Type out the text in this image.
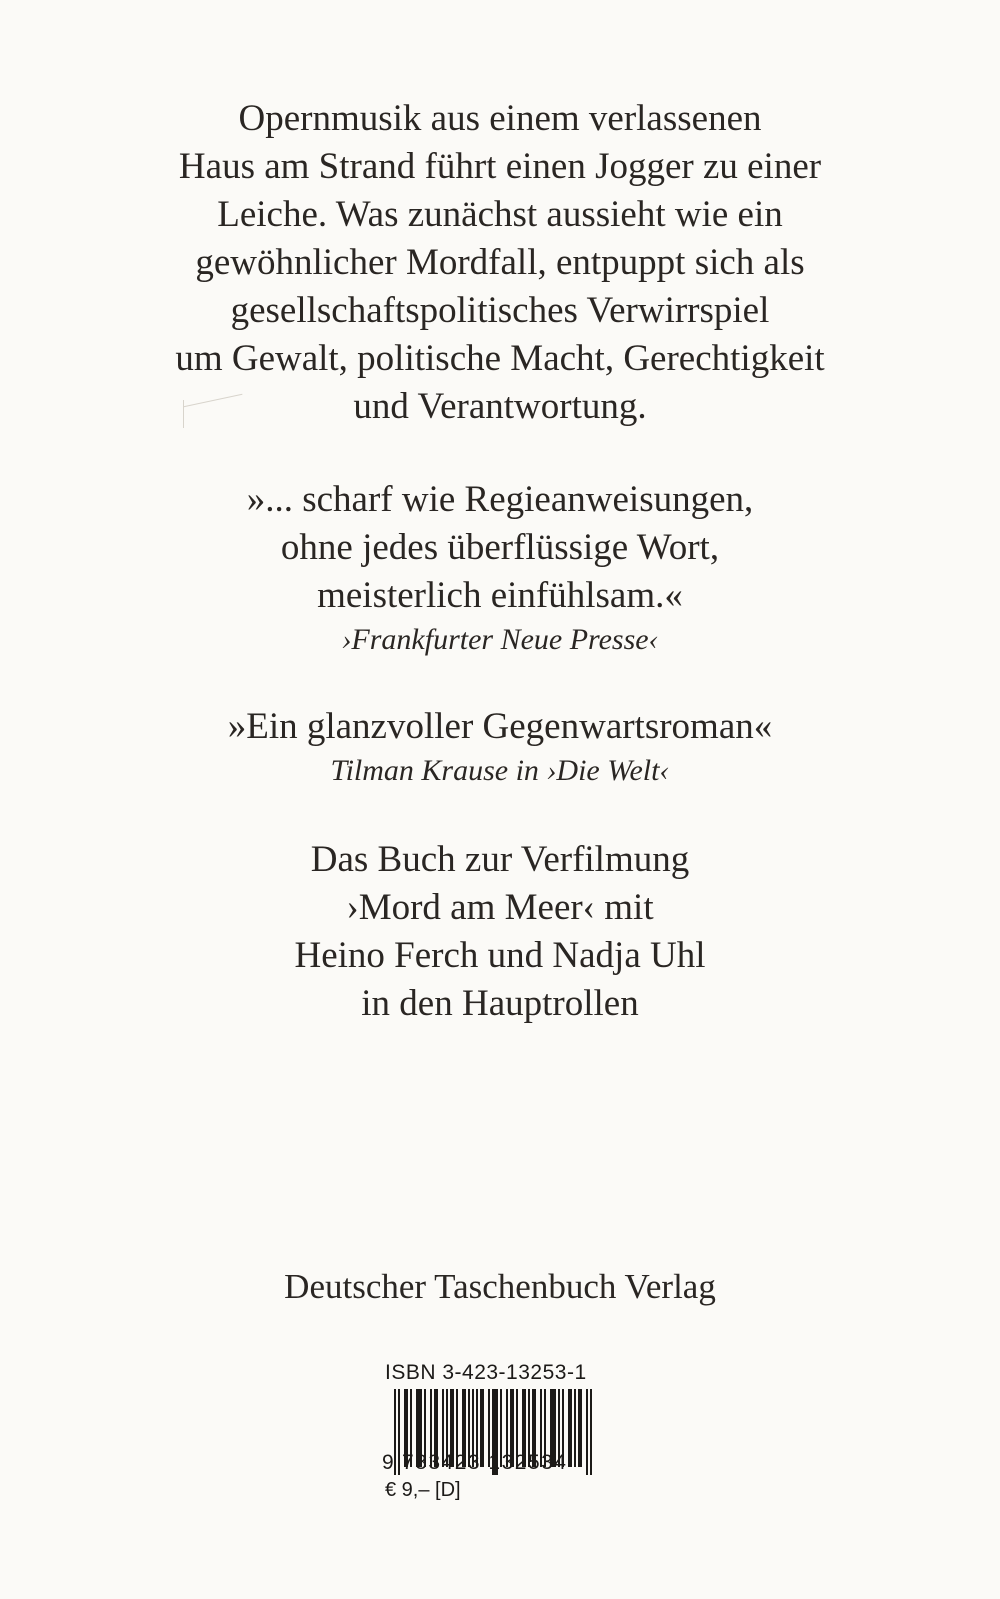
Opernmusik aus einem verlassenen
Haus am Strand führt einen Jogger zu einer
Leiche. Was zunächst aussieht wie ein
gewöhnlicher Mordfall, entpuppt sich als
gesellschaftspolitisches Verwirrspiel
um Gewalt, politische Macht, Gerechtigkeit
und Verantwortung.
»... scharf wie Regieanweisungen,
ohne jedes überflüssige Wort,
meisterlich einfühlsam.«
›Frankfurter Neue Presse‹
»Ein glanzvoller Gegenwartsroman«
Tilman Krause in ›Die Welt‹
Das Buch zur Verfilmung
›Mord am Meer‹ mit
Heino Ferch und Nadja Uhl
in den Hauptrollen
Deutscher Taschenbuch Verlag
ISBN 3-423-13253-1
9 783423 132534
€ 9,– [D]
